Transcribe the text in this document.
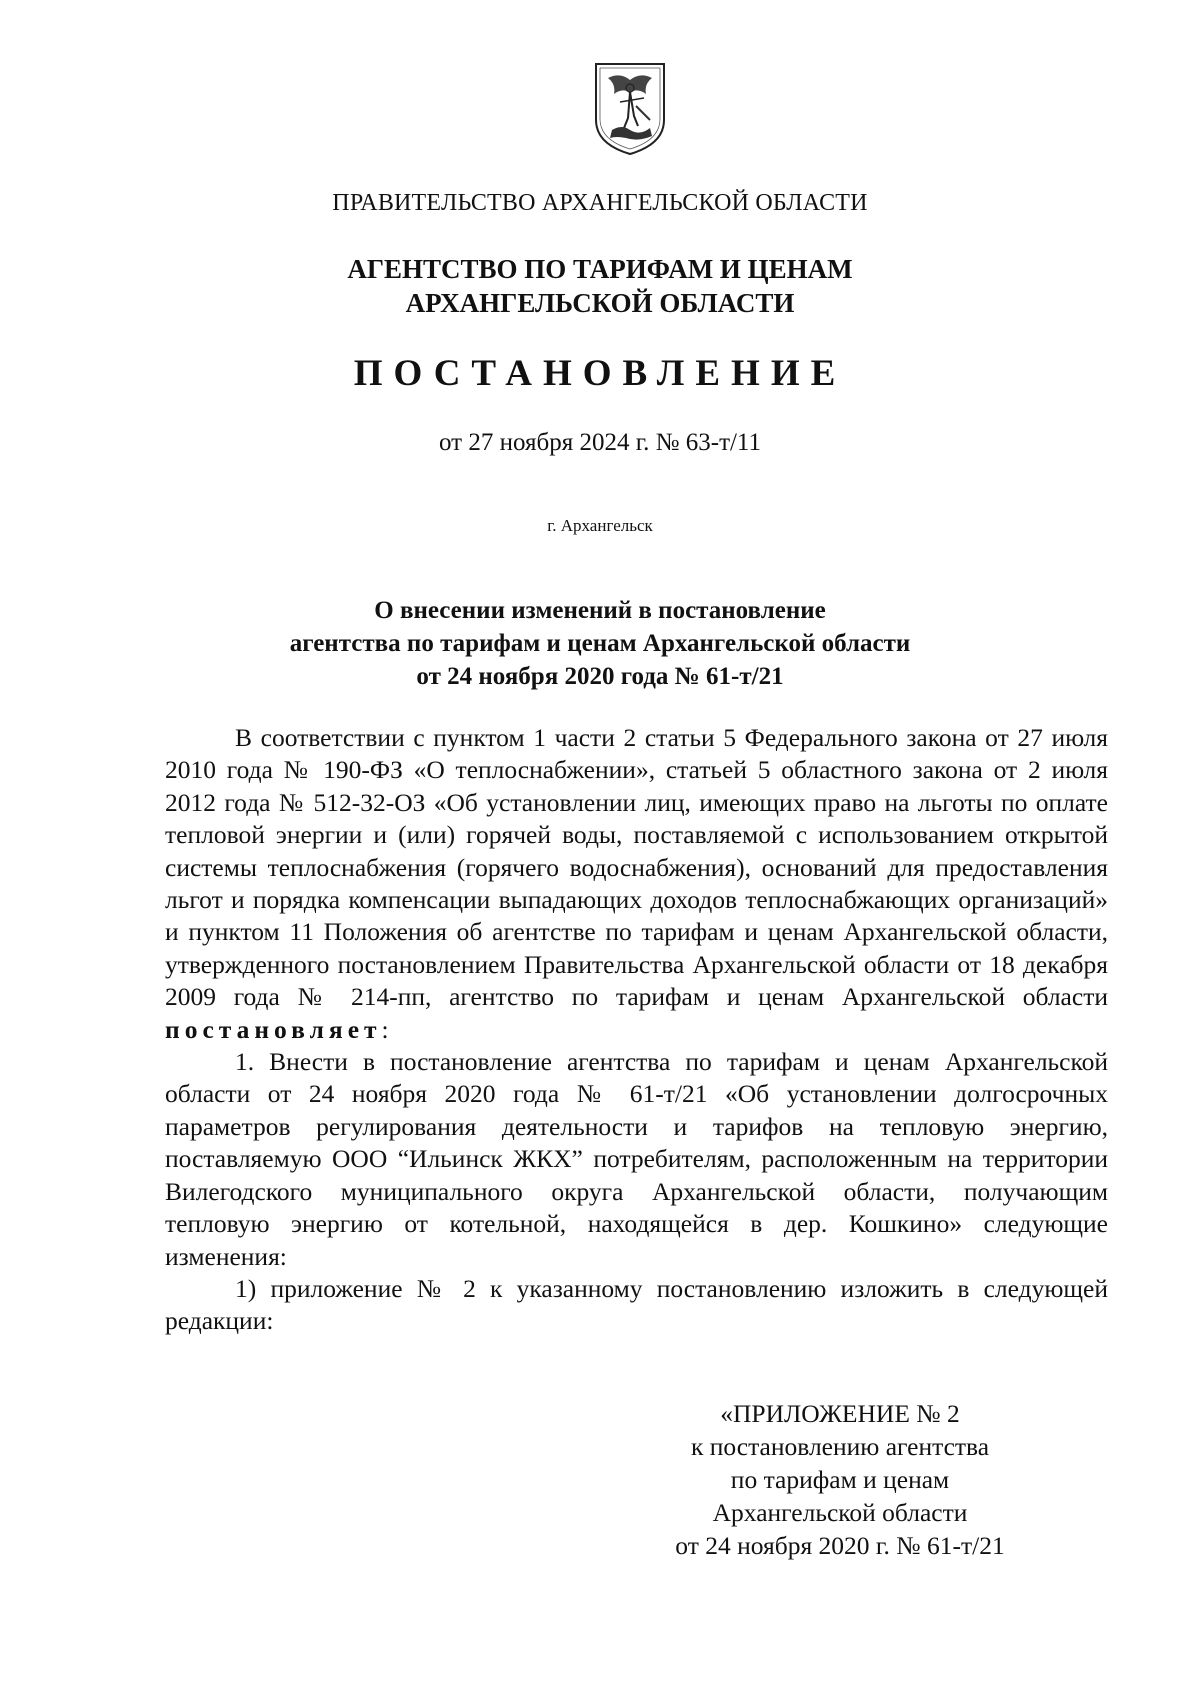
ПРАВИТЕЛЬСТВО АРХАНГЕЛЬСКОЙ ОБЛАСТИ
АГЕНТСТВО ПО ТАРИФАМ И ЦЕНАМ
АРХАНГЕЛЬСКОЙ ОБЛАСТИ
ПОСТАНОВЛЕНИЕ
от 27 ноября 2024 г. № 63-т/11
г. Архангельск
О внесении изменений в постановление
агентства по тарифам и ценам Архангельской области
от 24 ноября 2020 года № 61-т/21

В соответствии с пунктом 1 части 2 статьи 5 Федерального закона от 27 июля 2010 года № 190-ФЗ «О теплоснабжении», статьей 5 областного закона от 2 июля 2012 года № 512-32-ОЗ «Об установлении лиц, имеющих право на льготы по оплате тепловой энергии и (или) горячей воды, поставляемой с использованием открытой системы теплоснабжения (горячего водоснабжения), оснований для предоставления льгот и порядка компенсации выпадающих доходов теплоснабжающих организаций» и пунктом 11 Положения об агентстве по тарифам и ценам Архангельской области, утвержденного постановлением Правительства Архангельской области от 18 декабря 2009 года № 214-пп, агентство по тарифам и ценам Архангельской области постановляет:

1. Внести в постановление агентства по тарифам и ценам Архангельской области от 24 ноября 2020 года № 61-т/21 «Об установлении долгосрочных параметров регулирования деятельности и тарифов на тепловую энергию, поставляемую ООО “Ильинск ЖКХ” потребителям, расположенным на территории Вилегодского муниципального округа Архангельской области, получающим тепловую энергию от котельной, находящейся в дер. Кошкино» следующие изменения:

1) приложение № 2 к указанному постановлению изложить в следующей редакции:

«ПРИЛОЖЕНИЕ № 2
к постановлению агентства
по тарифам и ценам
Архангельской области
от 24 ноября 2020 г. № 61-т/21
